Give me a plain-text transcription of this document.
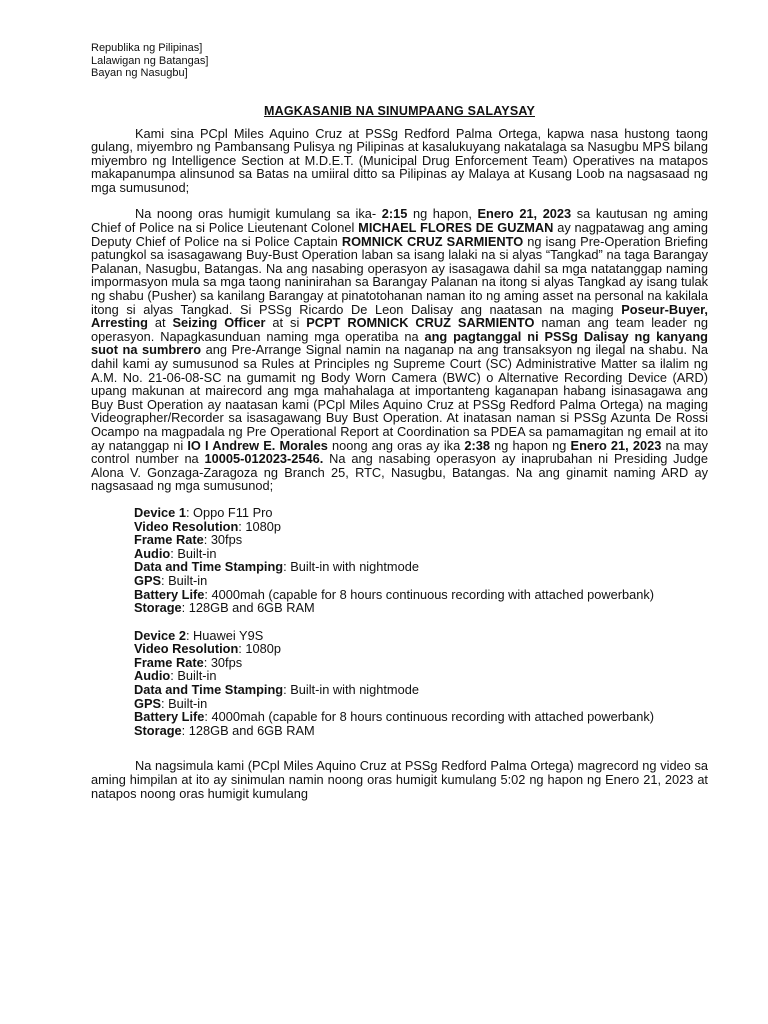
Republika ng Pilipinas]
Lalawigan ng Batangas]
Bayan ng Nasugbu]
MAGKASANIB NA SINUMPAANG SALAYSAY

Kami sina PCpl Miles Aquino Cruz at PSSg Redford Palma Ortega, kapwa nasa hustong taong gulang, miyembro ng Pambansang Pulisya ng Pilipinas at kasalukuyang nakatalaga sa Nasugbu MPS bilang miyembro ng Intelligence Section at M.D.E.T. (Municipal Drug Enforcement Team) Operatives na matapos makapanumpa alinsunod sa Batas na umiiral ditto sa Pilipinas ay Malaya at Kusang Loob na nagsasaad ng mga sumusunod;

Na noong oras humigit kumulang sa ika- 2:15 ng hapon, Enero 21, 2023 sa kautusan ng aming Chief of Police na si Police Lieutenant Colonel MICHAEL FLORES DE GUZMAN ay nagpatawag ang aming Deputy Chief of Police na si Police Captain ROMNICK CRUZ SARMIENTO ng isang Pre-Operation Briefing patungkol sa isasagawang Buy-Bust Operation laban sa isang lalaki na si alyas “Tangkad” na taga Barangay Palanan, Nasugbu, Batangas. Na ang nasabing operasyon ay isasagawa dahil sa mga natatanggap naming impormasyon mula sa mga taong naninirahan sa Barangay Palanan na itong si alyas Tangkad ay isang tulak ng shabu (Pusher) sa kanilang Barangay at pinatotohanan naman ito ng aming asset na personal na kakilala itong si alyas Tangkad. Si PSSg Ricardo De Leon Dalisay ang naatasan na maging Poseur-Buyer, Arresting at Seizing Officer at si PCPT ROMNICK CRUZ SARMIENTO naman ang team leader ng operasyon. Napagkasunduan naming mga operatiba na ang pagtanggal ni PSSg Dalisay ng kanyang suot na sumbrero ang Pre-Arrange Signal namin na naganap na ang transaksyon ng ilegal na shabu. Na dahil kami ay sumusunod sa Rules at Principles ng Supreme Court (SC) Administrative Matter sa ilalim ng A.M. No. 21-06-08-SC na gumamit ng Body Worn Camera (BWC) o Alternative Recording Device (ARD) upang makunan at mairecord ang mga mahahalaga at importanteng kaganapan habang isinasagawa ang Buy Bust Operation ay naatasan kami (PCpl Miles Aquino Cruz at PSSg Redford Palma Ortega) na maging Videographer/Recorder sa isasagawang Buy Bust Operation. At inatasan naman si PSSg Azunta De Rossi Ocampo na magpadala ng Pre Operational Report at Coordination sa PDEA sa pamamagitan ng email at ito ay natanggap ni IO I Andrew E. Morales noong ang oras ay ika 2:38 ng hapon ng Enero 21, 2023 na may control number na 10005-012023-2546. Na ang nasabing operasyon ay inaprubahan ni Presiding Judge Alona V. Gonzaga-Zaragoza ng Branch 25, RTC, Nasugbu, Batangas. Na ang ginamit naming ARD ay nagsasaad ng mga sumusunod;

Device 1: Oppo F11 Pro
Video Resolution: 1080p
Frame Rate: 30fps
Audio: Built-in
Data and Time Stamping: Built-in with nightmode
GPS: Built-in
Battery Life: 4000mah (capable for 8 hours continuous recording with attached powerbank)
Storage: 128GB and 6GB RAM
Device 2: Huawei Y9S
Video Resolution: 1080p
Frame Rate: 30fps
Audio: Built-in
Data and Time Stamping: Built-in with nightmode
GPS: Built-in
Battery Life: 4000mah (capable for 8 hours continuous recording with attached powerbank)
Storage: 128GB and 6GB RAM

Na nagsimula kami (PCpl Miles Aquino Cruz at PSSg Redford Palma Ortega) magrecord ng video sa aming himpilan at ito ay sinimulan namin noong oras humigit kumulang 5:02 ng hapon ng Enero 21, 2023 at natapos noong oras humigit kumulang
